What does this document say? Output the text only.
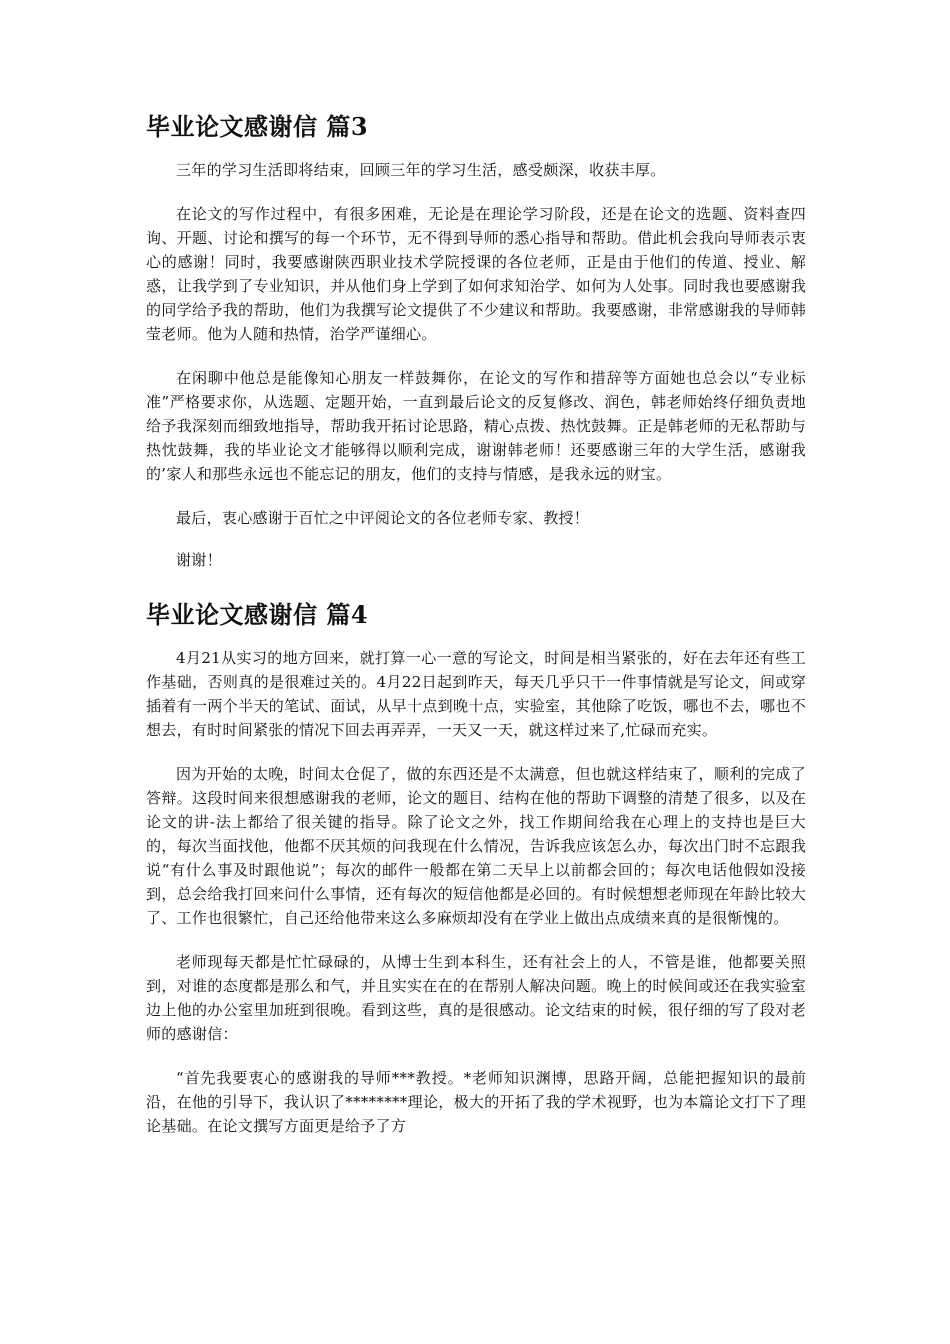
毕业论文感谢信 篇3

三年的学习生活即将结束，回顾三年的学习生活，感受颇深，收获丰厚。

在论文的写作过程中，有很多困难，无论是在理论学习阶段，还是在论文的选题、资料查四询、开题、讨论和撰写的每一个环节，无不得到导师的悉心指导和帮助。借此机会我向导师表示衷心的感谢！同时，我要感谢陕西职业技术学院授课的各位老师，正是由于他们的传道、授业、解惑，让我学到了专业知识，并从他们身上学到了如何求知治学、如何为人处事。同时我也要感谢我的同学给予我的帮助，他们为我撰写论文提供了不少建议和帮助。我要感谢，非常感谢我的导师韩莹老师。他为人随和热情，治学严谨细心。

在闲聊中他总是能像知心朋友一样鼓舞你，在论文的写作和措辞等方面她也总会以“专业标准”严格要求你，从选题、定题开始，一直到最后论文的反复修改、润色，韩老师始终仔细负责地给予我深刻而细致地指导，帮助我开拓讨论思路，精心点拨、热忱鼓舞。正是韩老师的无私帮助与热忱鼓舞，我的毕业论文才能够得以顺利完成，谢谢韩老师！还要感谢三年的大学生活，感谢我的’家人和那些永远也不能忘记的朋友，他们的支持与情感，是我永远的财宝。

最后，衷心感谢于百忙之中评阅论文的各位老师专家、教授！

谢谢！

毕业论文感谢信 篇4

4月21从实习的地方回来，就打算一心一意的写论文，时间是相当紧张的，好在去年还有些工作基础，否则真的是很难过关的。4月22日起到昨天，每天几乎只干一件事情就是写论文，间或穿插着有一两个半天的笔试、面试，从早十点到晚十点，实验室，其他除了吃饭，哪也不去，哪也不想去，有时时间紧张的情况下回去再弄弄，一天又一天，就这样过来了,忙碌而充实。

因为开始的太晚，时间太仓促了，做的东西还是不太满意，但也就这样结束了，顺利的完成了答辩。这段时间来很想感谢我的老师，论文的题目、结构在他的帮助下调整的清楚了很多，以及在论文的讲-法上都给了很关键的指导。除了论文之外，找工作期间给我在心理上的支持也是巨大的，每次当面找他，他都不厌其烦的问我现在什么情况，告诉我应该怎么办，每次出门时不忘跟我说“有什么事及时跟他说”；每次的邮件一般都在第二天早上以前都会回的；每次电话他假如没接到，总会给我打回来问什么事情，还有每次的短信他都是必回的。有时候想想老师现在年龄比较大了、工作也很繁忙，自己还给他带来这么多麻烦却没有在学业上做出点成绩来真的是很惭愧的。

老师现每天都是忙忙碌碌的，从博士生到本科生，还有社会上的人，不管是谁，他都要关照到，对谁的态度都是那么和气，并且实实在在的在帮别人解决问题。晚上的时候间或还在我实验室边上他的办公室里加班到很晚。看到这些，真的是很感动。论文结束的时候，很仔细的写了段对老师的感谢信：

“首先我要衷心的感谢我的导师***教授。*老师知识渊博，思路开阔，总能把握知识的最前沿，在他的引导下，我认识了********理论，极大的开拓了我的学术视野，也为本篇论文打下了理论基础。在论文撰写方面更是给予了方
